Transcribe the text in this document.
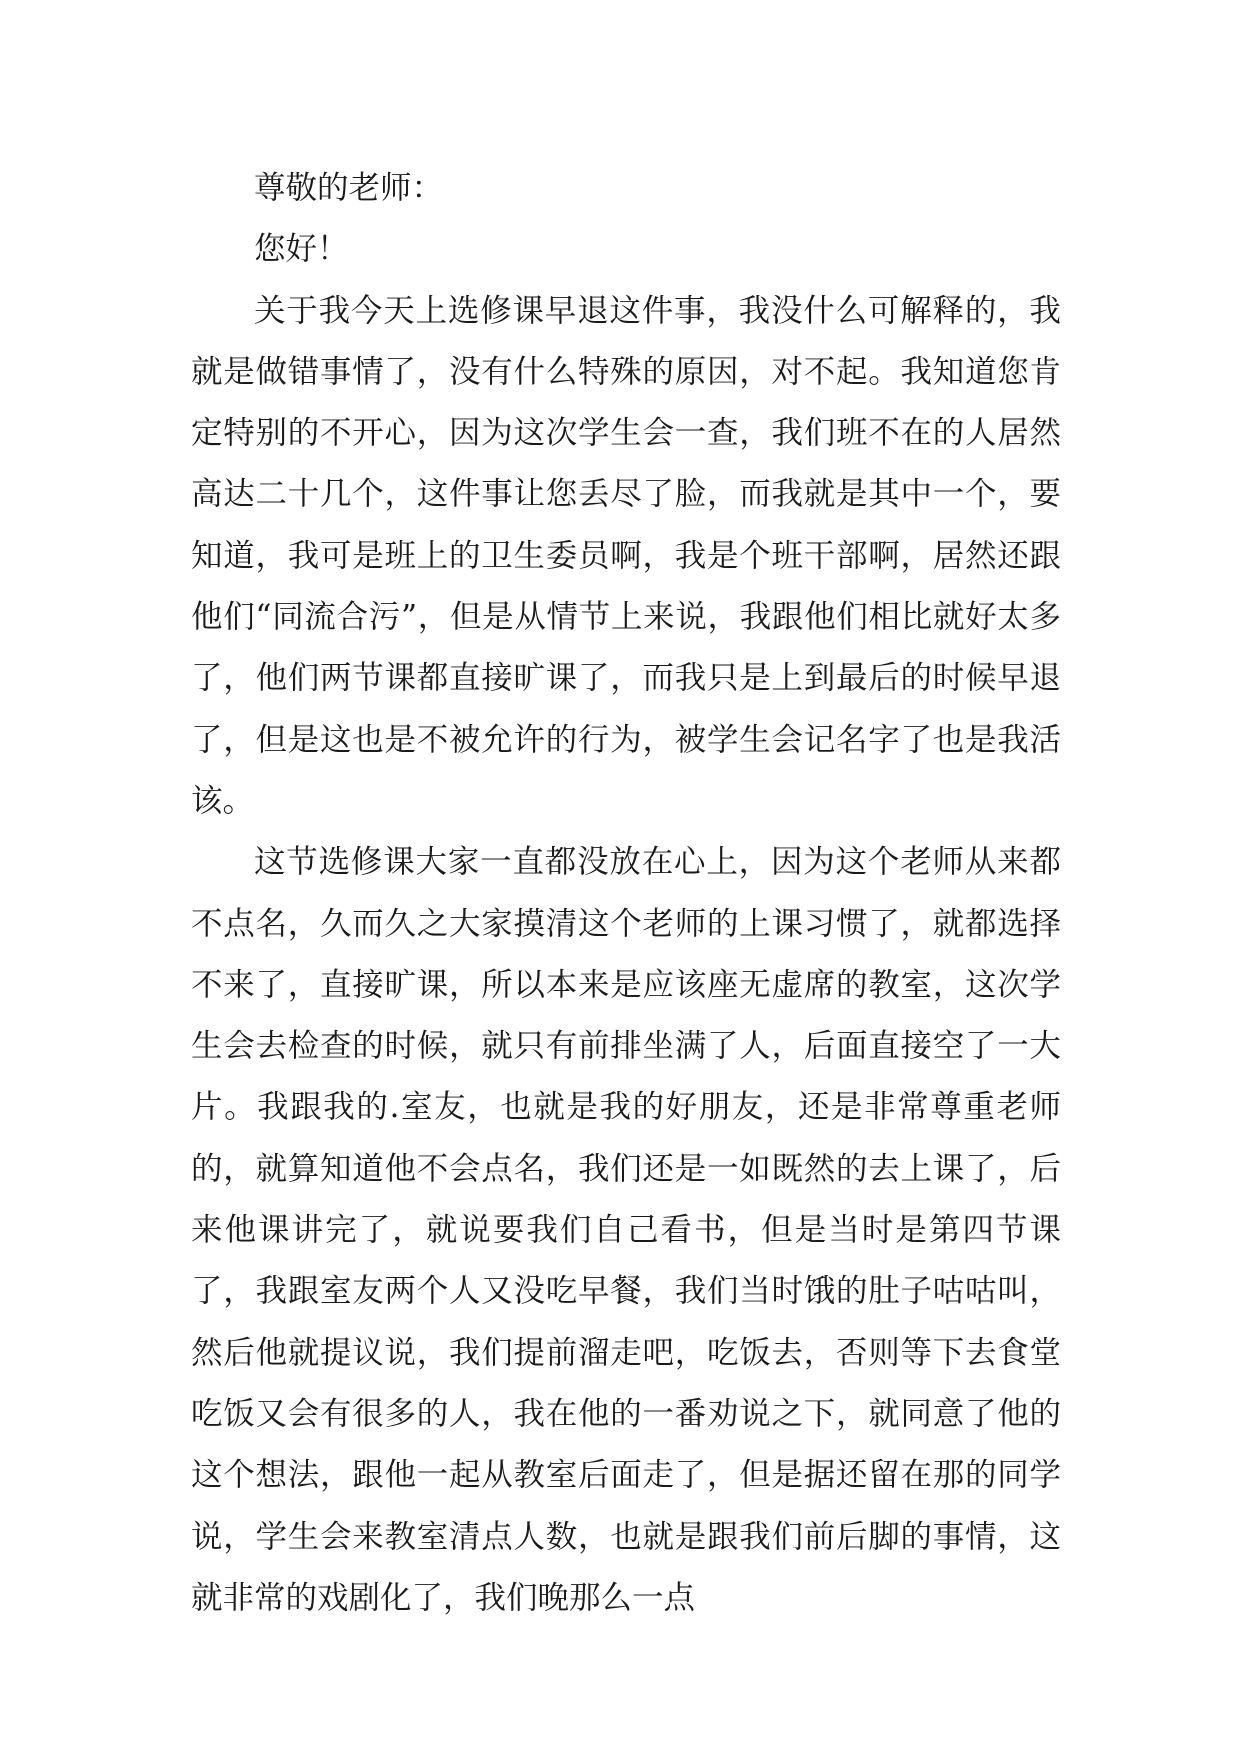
尊敬的老师：

您好！

关于我今天上选修课早退这件事，我没什么可解释的，我就是做错事情了，没有什么特殊的原因，对不起。我知道您肯定特别的不开心，因为这次学生会一查，我们班不在的人居然高达二十几个，这件事让您丢尽了脸，而我就是其中一个，要知道，我可是班上的卫生委员啊，我是个班干部啊，居然还跟他们“同流合污”，但是从情节上来说，我跟他们相比就好太多了，他们两节课都直接旷课了，而我只是上到最后的时候早退了，但是这也是不被允许的行为，被学生会记名字了也是我活该。

这节选修课大家一直都没放在心上，因为这个老师从来都不点名，久而久之大家摸清这个老师的上课习惯了，就都选择不来了，直接旷课，所以本来是应该座无虚席的教室，这次学生会去检查的时候，就只有前排坐满了人，后面直接空了一大片。我跟我的.室友，也就是我的好朋友，还是非常尊重老师的，就算知道他不会点名，我们还是一如既然的去上课了，后来他课讲完了，就说要我们自己看书，但是当时是第四节课了，我跟室友两个人又没吃早餐，我们当时饿的肚子咕咕叫，然后他就提议说，我们提前溜走吧，吃饭去，否则等下去食堂吃饭又会有很多的人，我在他的一番劝说之下，就同意了他的这个想法，跟他一起从教室后面走了，但是据还留在那的同学说，学生会来教室清点人数，也就是跟我们前后脚的事情，这就非常的戏剧化了，我们晚那么一点
